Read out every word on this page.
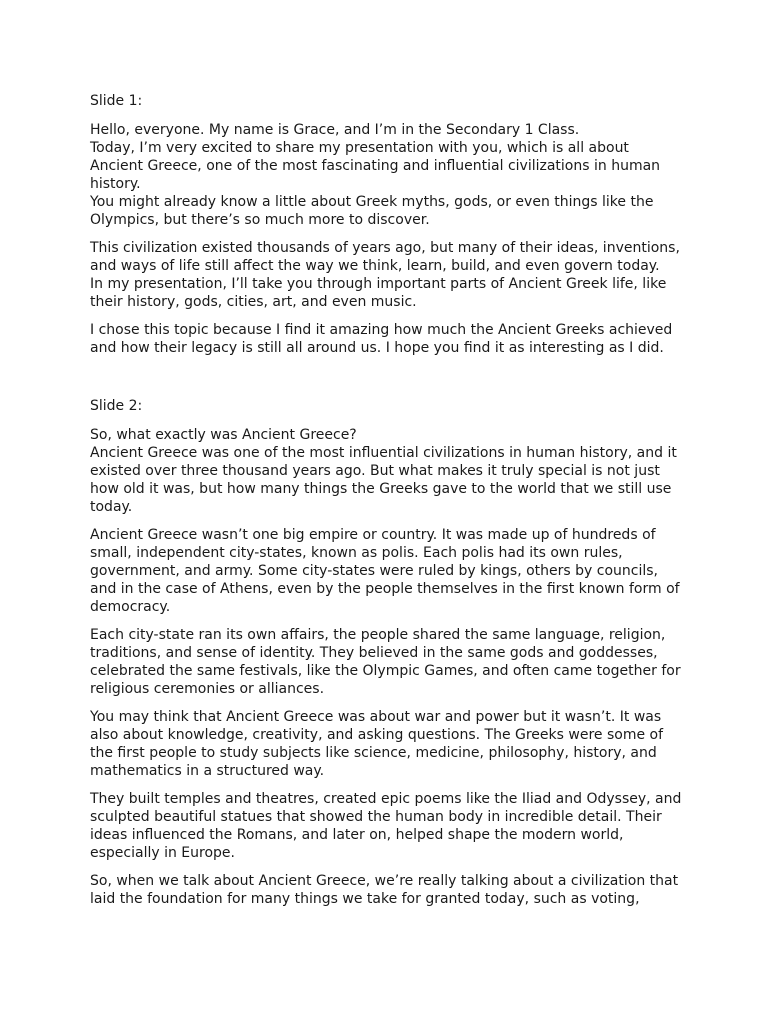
Slide 1:

Hello, everyone. My name is Grace, and I’m in the Secondary 1 Class.
Today, I’m very excited to share my presentation with you, which is all about
Ancient Greece, one of the most fascinating and influential civilizations in human
history.
You might already know a little about Greek myths, gods, or even things like the
Olympics, but there’s so much more to discover.

This civilization existed thousands of years ago, but many of their ideas, inventions,
and ways of life still affect the way we think, learn, build, and even govern today.
In my presentation, I’ll take you through important parts of Ancient Greek life, like
their history, gods, cities, art, and even music.

I chose this topic because I find it amazing how much the Ancient Greeks achieved
and how their legacy is still all around us. I hope you find it as interesting as I did.

Slide 2:

So, what exactly was Ancient Greece?
Ancient Greece was one of the most influential civilizations in human history, and it
existed over three thousand years ago. But what makes it truly special is not just
how old it was, but how many things the Greeks gave to the world that we still use
today.

Ancient Greece wasn’t one big empire or country. It was made up of hundreds of
small, independent city-states, known as polis. Each polis had its own rules,
government, and army. Some city-states were ruled by kings, others by councils,
and in the case of Athens, even by the people themselves in the first known form of
democracy.

Each city-state ran its own affairs, the people shared the same language, religion,
traditions, and sense of identity. They believed in the same gods and goddesses,
celebrated the same festivals, like the Olympic Games, and often came together for
religious ceremonies or alliances.

You may think that Ancient Greece was about war and power but it wasn’t. It was
also about knowledge, creativity, and asking questions. The Greeks were some of
the first people to study subjects like science, medicine, philosophy, history, and
mathematics in a structured way.

They built temples and theatres, created epic poems like the Iliad and Odyssey, and
sculpted beautiful statues that showed the human body in incredible detail. Their
ideas influenced the Romans, and later on, helped shape the modern world,
especially in Europe.

So, when we talk about Ancient Greece, we’re really talking about a civilization that
laid the foundation for many things we take for granted today, such as voting,
